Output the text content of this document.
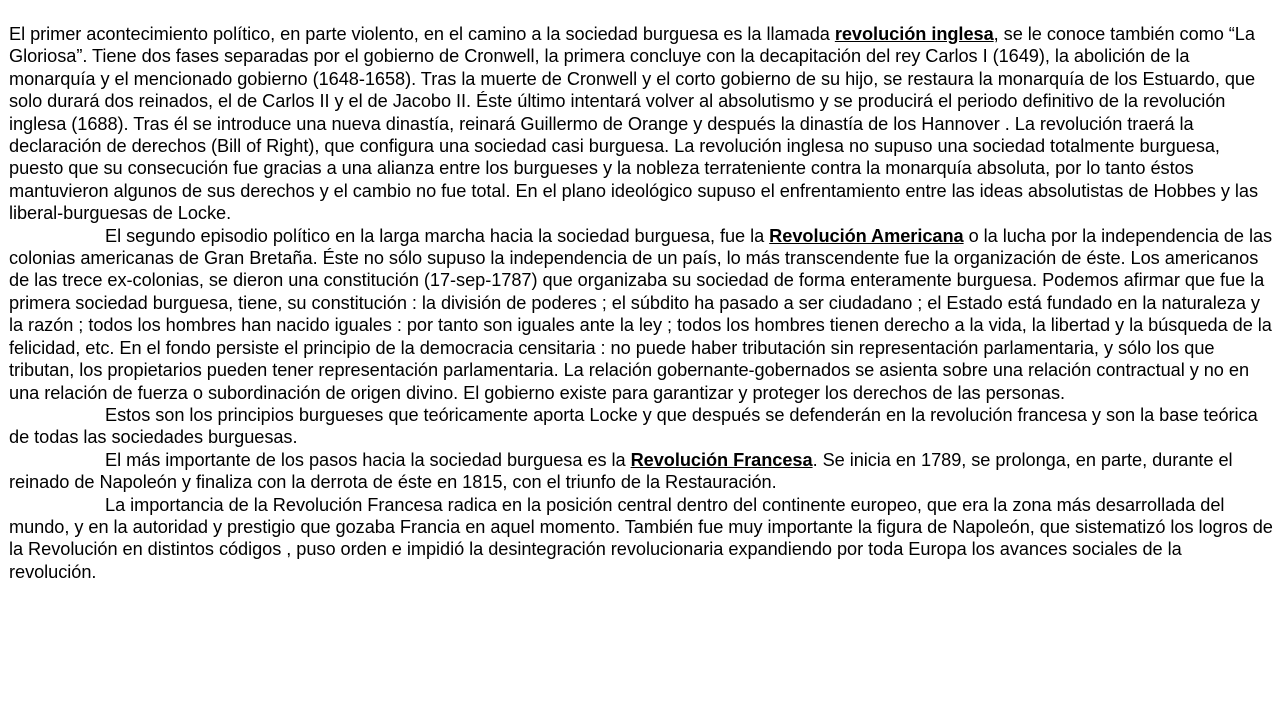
El primer acontecimiento político, en parte violento, en el camino a la sociedad burguesa es la llamada revolución inglesa, se le conoce también como “La Gloriosa”. Tiene dos fases separadas por el gobierno de Cronwell, la primera concluye con la decapitación del rey Carlos I (1649), la abolición de la monarquía y el mencionado gobierno (1648-1658). Tras la muerte de Cronwell y el corto gobierno de su hijo, se restaura la monarquía de los Estuardo, que solo durará dos reinados, el de Carlos II y el de Jacobo II. Éste último intentará volver al absolutismo y se producirá el periodo definitivo de la revolución inglesa (1688). Tras él se introduce una nueva dinastía, reinará Guillermo de Orange y después la dinastía de los Hannover . La revolución traerá la declaración de derechos (Bill of Right), que configura una sociedad casi burguesa. La revolución inglesa no supuso una sociedad totalmente burguesa, puesto que su consecución fue gracias a una alianza entre los burgueses y la nobleza terrateniente contra la monarquía absoluta, por lo tanto éstos mantuvieron algunos de sus derechos y el cambio no fue total. En el plano ideológico supuso el enfrentamiento entre las ideas absolutistas de Hobbes y las liberal-burguesas de Locke.

El segundo episodio político en la larga marcha hacia la sociedad burguesa, fue la Revolución Americana o la lucha por la independencia de las colonias americanas de Gran Bretaña. Éste no sólo supuso la independencia de un país, lo más transcendente fue la organización de éste. Los americanos de las trece ex-colonias, se dieron una constitución (17-sep-1787) que organizaba su sociedad de forma enteramente burguesa. Podemos afirmar que fue la primera sociedad burguesa, tiene, su constitución : la división de poderes ; el súbdito ha pasado a ser ciudadano ; el Estado está fundado en la naturaleza y la razón ; todos los hombres han nacido iguales : por tanto son iguales ante la ley ; todos los hombres tienen derecho a la vida, la libertad y la búsqueda de la felicidad, etc. En el fondo persiste el principio de la democracia censitaria : no puede haber tributación sin representación parlamentaria, y sólo los que tributan, los propietarios pueden tener representación parlamentaria. La relación gobernante-gobernados se asienta sobre una relación contractual y no en una relación de fuerza o subordinación de origen divino. El gobierno existe para garantizar y proteger los derechos de las personas.

Estos son los principios burgueses que teóricamente aporta Locke y que después se defenderán en la revolución francesa y son la base teórica de todas las sociedades burguesas.

El más importante de los pasos hacia la sociedad burguesa es la Revolución Francesa. Se inicia en 1789, se prolonga, en parte, durante el reinado de Napoleón y finaliza con la derrota de éste en 1815, con el triunfo de la Restauración.

La importancia de la Revolución Francesa radica en la posición central dentro del continente europeo, que era la zona más desarrollada del mundo, y en la autoridad y prestigio que gozaba Francia en aquel momento. También fue muy importante la figura de Napoleón, que sistematizó los logros de la Revolución en distintos códigos , puso orden e impidió la desintegración revolucionaria expandiendo por toda Europa los avances sociales de la revolución.
